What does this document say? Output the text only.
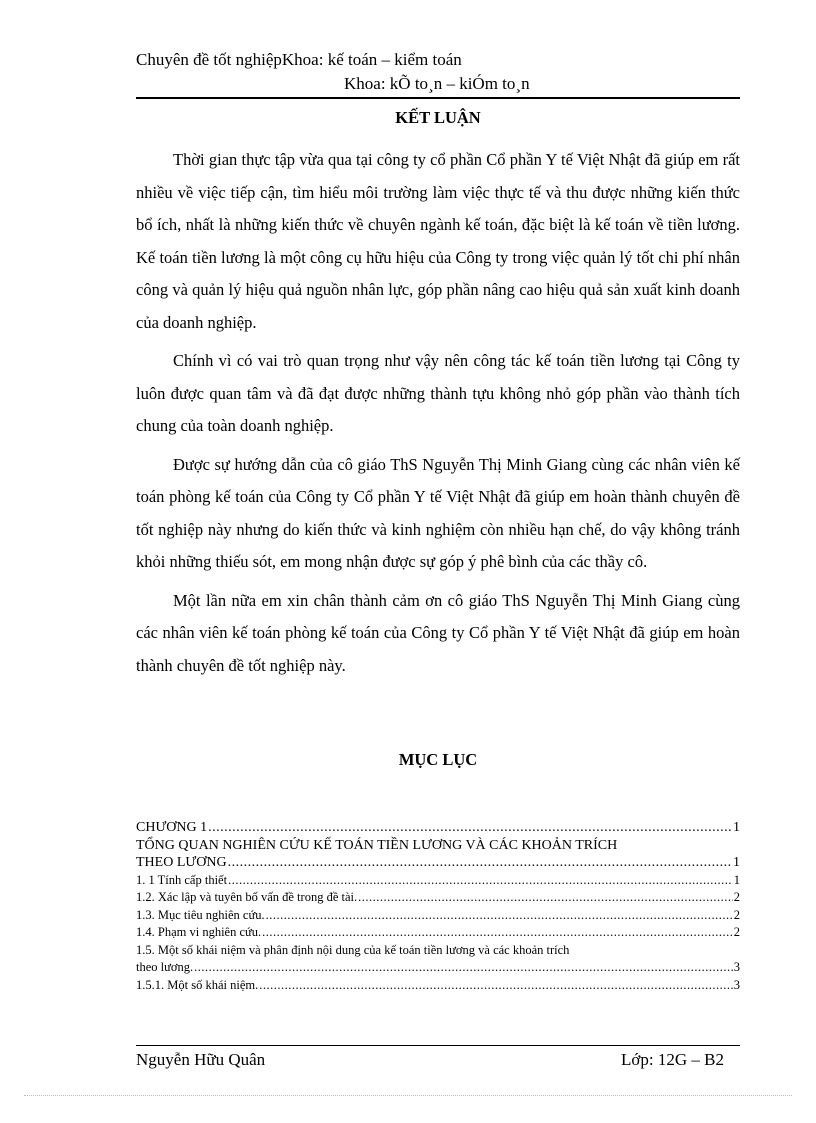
Chuyên đề tốt nghiệpKhoa: kế toán – kiểm toán
Khoa: kÕ to¸n – kiÓm to¸n
KẾT LUẬN

Thời gian thực tập vừa qua tại công ty cổ phần Cổ phần Y tế Việt Nhật đã giúp em rất nhiều về việc tiếp cận, tìm hiểu môi trường làm việc thực tế và thu được những kiến thức bổ ích, nhất là những kiến thức về chuyên ngành kế toán, đặc biệt là kế toán về tiền lương. Kế toán tiền lương là một công cụ hữu hiệu của Công ty trong việc quản lý tốt chi phí nhân công và quản lý hiệu quả nguồn nhân lực, góp phần nâng cao hiệu quả sản xuất kinh doanh của doanh nghiệp.

Chính vì có vai trò quan trọng như vậy nên công tác kế toán tiền lương tại Công ty luôn được quan tâm và đã đạt được những thành tựu không nhỏ góp phần vào thành tích chung của toàn doanh nghiệp.

Được sự hướng dẫn của cô giáo ThS Nguyễn Thị Minh Giang cùng các nhân viên kế toán phòng kế toán của Công ty Cổ phần Y tế Việt Nhật đã giúp em hoàn thành chuyên đề tốt nghiệp này nhưng do kiến thức và kinh nghiệm còn nhiều hạn chế, do vậy không tránh khỏi những thiếu sót, em mong nhận được sự góp ý phê bình của các thầy cô.

Một lần nữa em xin chân thành cảm ơn cô giáo ThS Nguyễn Thị Minh Giang cùng các nhân viên kế toán phòng kế toán của Công ty Cổ phần Y tế Việt Nhật đã giúp em hoàn thành chuyên đề tốt nghiệp này.

MỤC LỤC
CHƯƠNG 1 .....	1
TỔNG QUAN NGHIÊN CỨU KẾ TOÁN TIỀN LƯƠNG VÀ CÁC KHOẢN TRÍCH
THEO LƯƠNG .....	1
1. 1 Tính cấp thiết .....	1
1.2. Xác lập và tuyên bố vấn đề trong đề tài. .....	2
1.3. Mục tiêu nghiên cứu. .....	2
1.4. Phạm vi nghiên cứu. .....	2
1.5. Một số khái niệm và phân định nội dung của kế toán tiền lương và các khoản trích
theo lương. .....	3
1.5.1. Một số khái niệm. .....	3
Nguyễn Hữu Quân	Lớp: 12G – B2
